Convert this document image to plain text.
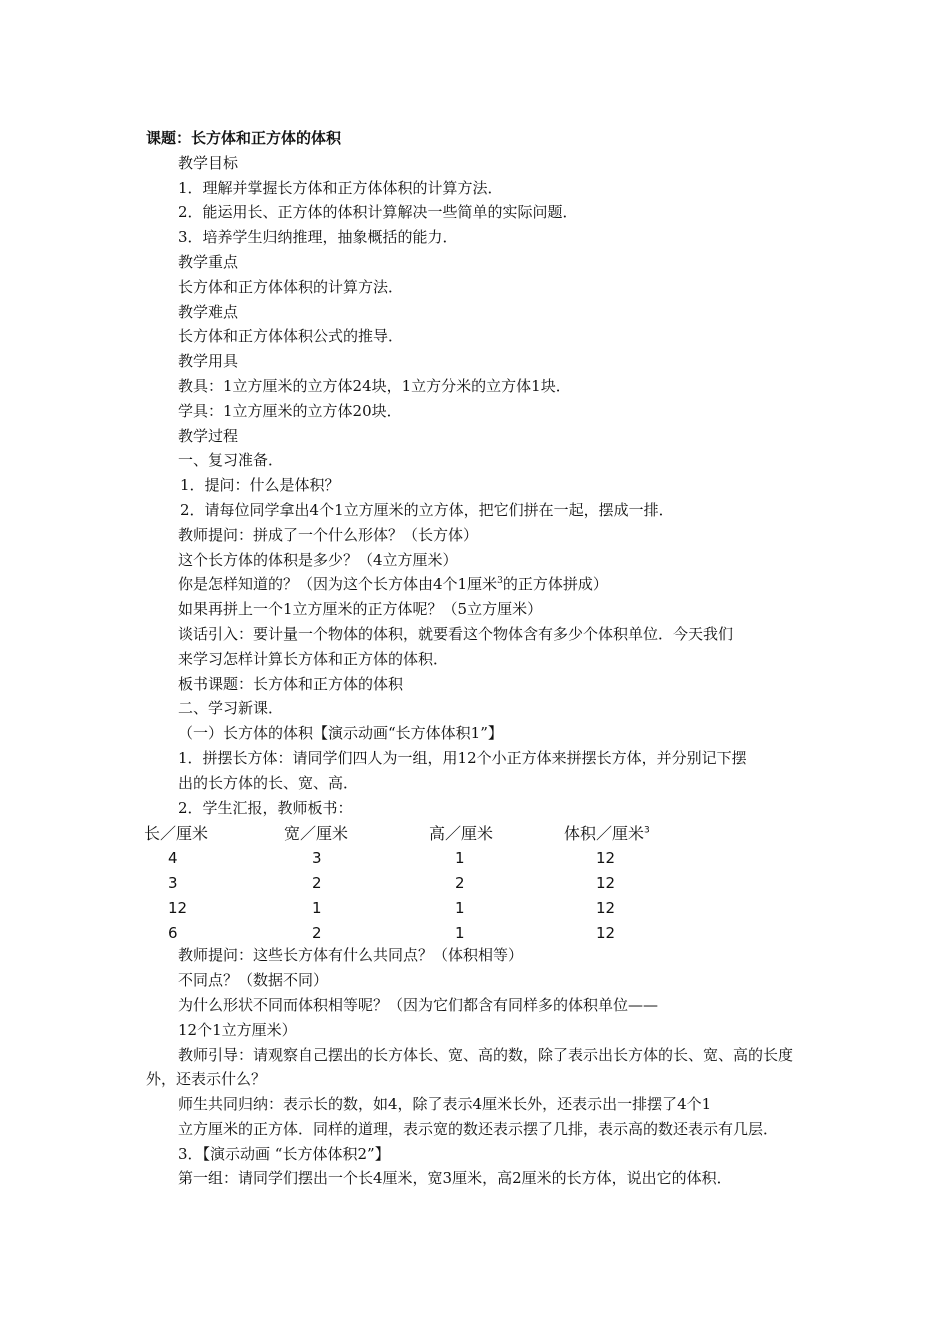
课题：长方体和正方体的体积
教学目标
1．理解并掌握长方体和正方体体积的计算方法．
2．能运用长、正方体的体积计算解决一些简单的实际问题．
3．培养学生归纳推理，抽象概括的能力．
教学重点
长方体和正方体体积的计算方法．
教学难点
长方体和正方体体积公式的推导．
教学用具
教具：1立方厘米的立方体24块，1立方分米的立方体1块．
学具：1立方厘米的立方体20块．
教学过程
一、复习准备．
1．提问：什么是体积？
2．请每位同学拿出4个1立方厘米的立方体，把它们拼在一起，摆成一排．
教师提问：拼成了一个什么形体？（长方体）
这个长方体的体积是多少？（4立方厘米）
你是怎样知道的？（因为这个长方体由4个1厘米$^3$的正方体拼成）
如果再拼上一个1立方厘米的正方体呢？（5立方厘米）
谈话引入：要计量一个物体的体积，就要看这个物体含有多少个体积单位．今天我们
来学习怎样计算长方体和正方体的体积．
板书课题：长方体和正方体的体积
二、学习新课．
（一）长方体的体积【演示动画“长方体体积1”】
1．拼摆长方体：请同学们四人为一组，用12个小正方体来拼摆长方体，并分别记下摆
出的长方体的长、宽、高．
2．学生汇报，教师板书：
长／厘米	宽／厘米	高／厘米	体积／厘米$^3$
4	3	1	12
3	2	2	12
12	1	1	12
6	2	1	12
教师提问：这些长方体有什么共同点？（体积相等）
不同点？（数据不同）
为什么形状不同而体积相等呢？（因为它们都含有同样多的体积单位——
12个1立方厘米）
教师引导：请观察自己摆出的长方体长、宽、高的数，除了表示出长方体的长、宽、高的长度外，还表示什么？
师生共同归纳：表示长的数，如4，除了表示4厘米长外，还表示出一排摆了4个1
立方厘米的正方体．同样的道理，表示宽的数还表示摆了几排，表示高的数还表示有几层．
3．【演示动画 “长方体体积2”】
第一组：请同学们摆出一个长4厘米，宽3厘米，高2厘米的长方体，说出它的体积．
